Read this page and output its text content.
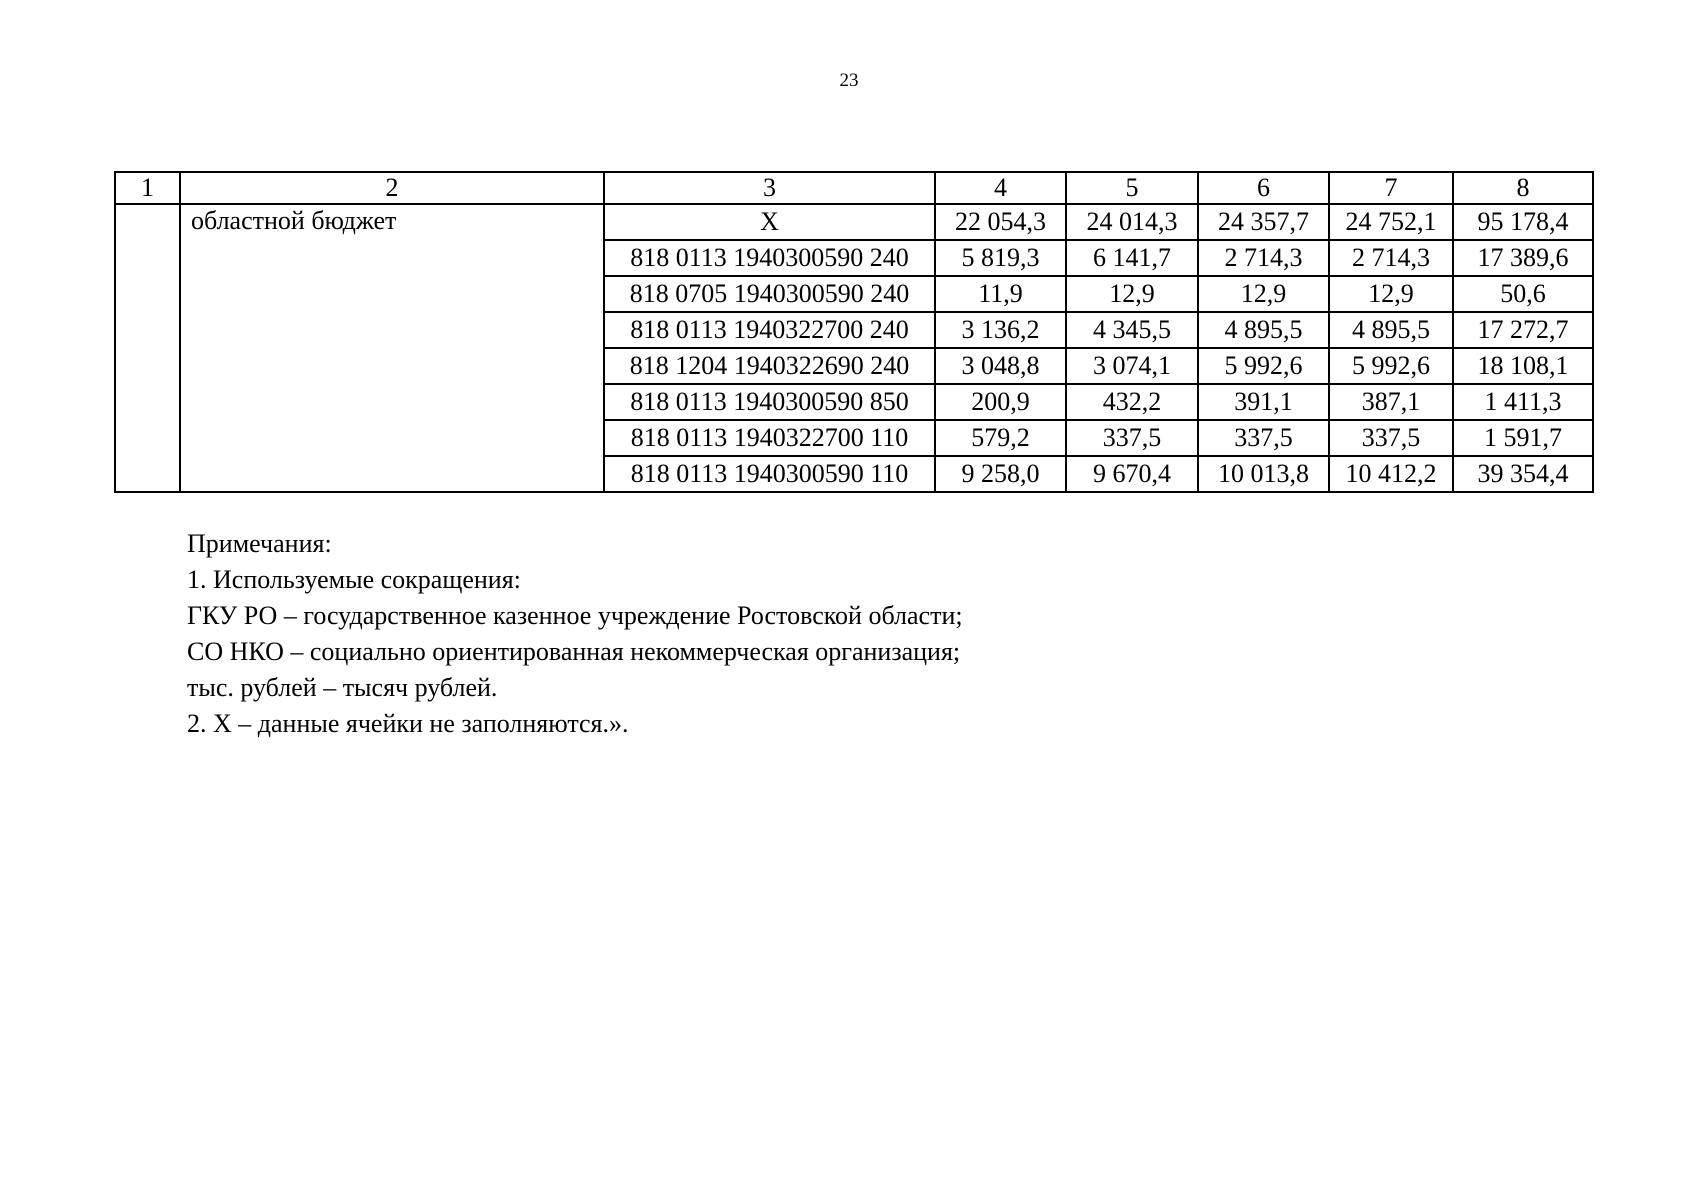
23
1	2	3	4	5	6	7	8
	областной бюджет	Х	22 054,3	24 014,3	24 357,7	24 752,1	95 178,4
		818 0113 1940300590 240	5 819,3	6 141,7	2 714,3	2 714,3	17 389,6
		818 0705 1940300590 240	11,9	12,9	12,9	12,9	50,6
		818 0113 1940322700 240	3 136,2	4 345,5	4 895,5	4 895,5	17 272,7
		818 1204 1940322690 240	3 048,8	3 074,1	5 992,6	5 992,6	18 108,1
		818 0113 1940300590 850	200,9	432,2	391,1	387,1	1 411,3
		818 0113 1940322700 110	579,2	337,5	337,5	337,5	1 591,7
		818 0113 1940300590 110	9 258,0	9 670,4	10 013,8	10 412,2	39 354,4
Примечания:
1. Используемые сокращения:
ГКУ РО – государственное казенное учреждение Ростовской области;
СО НКО – социально ориентированная некоммерческая организация;
тыс. рублей – тысяч рублей.
2. Х – данные ячейки не заполняются.».
